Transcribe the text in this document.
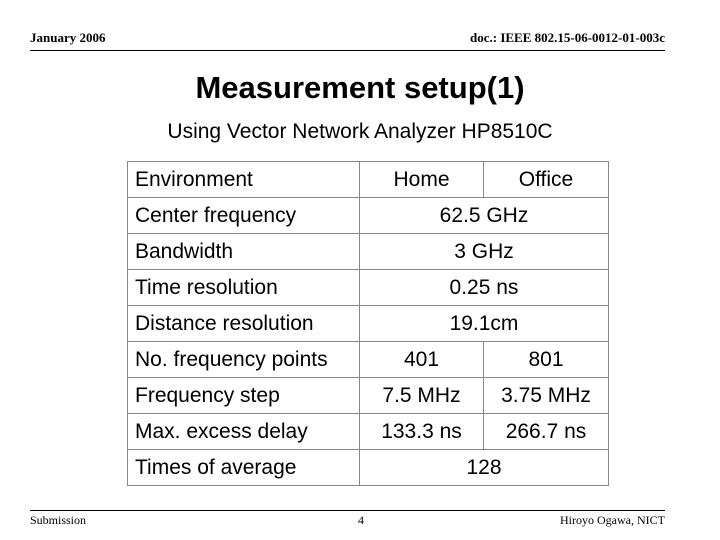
January 2006	doc.: IEEE 802.15-06-0012-01-003c
Measurement setup(1)
Using Vector Network Analyzer HP8510C
Environment	Home	Office
Center frequency	62.5 GHz	
Bandwidth	3 GHz	
Time resolution	0.25 ns	
Distance resolution	19.1cm	
No. frequency points	401	801
Frequency step	7.5 MHz	3.75 MHz
Max. excess delay	133.3 ns	266.7 ns
Times of average	128	
Submission	4	Hiroyo Ogawa, NICT
